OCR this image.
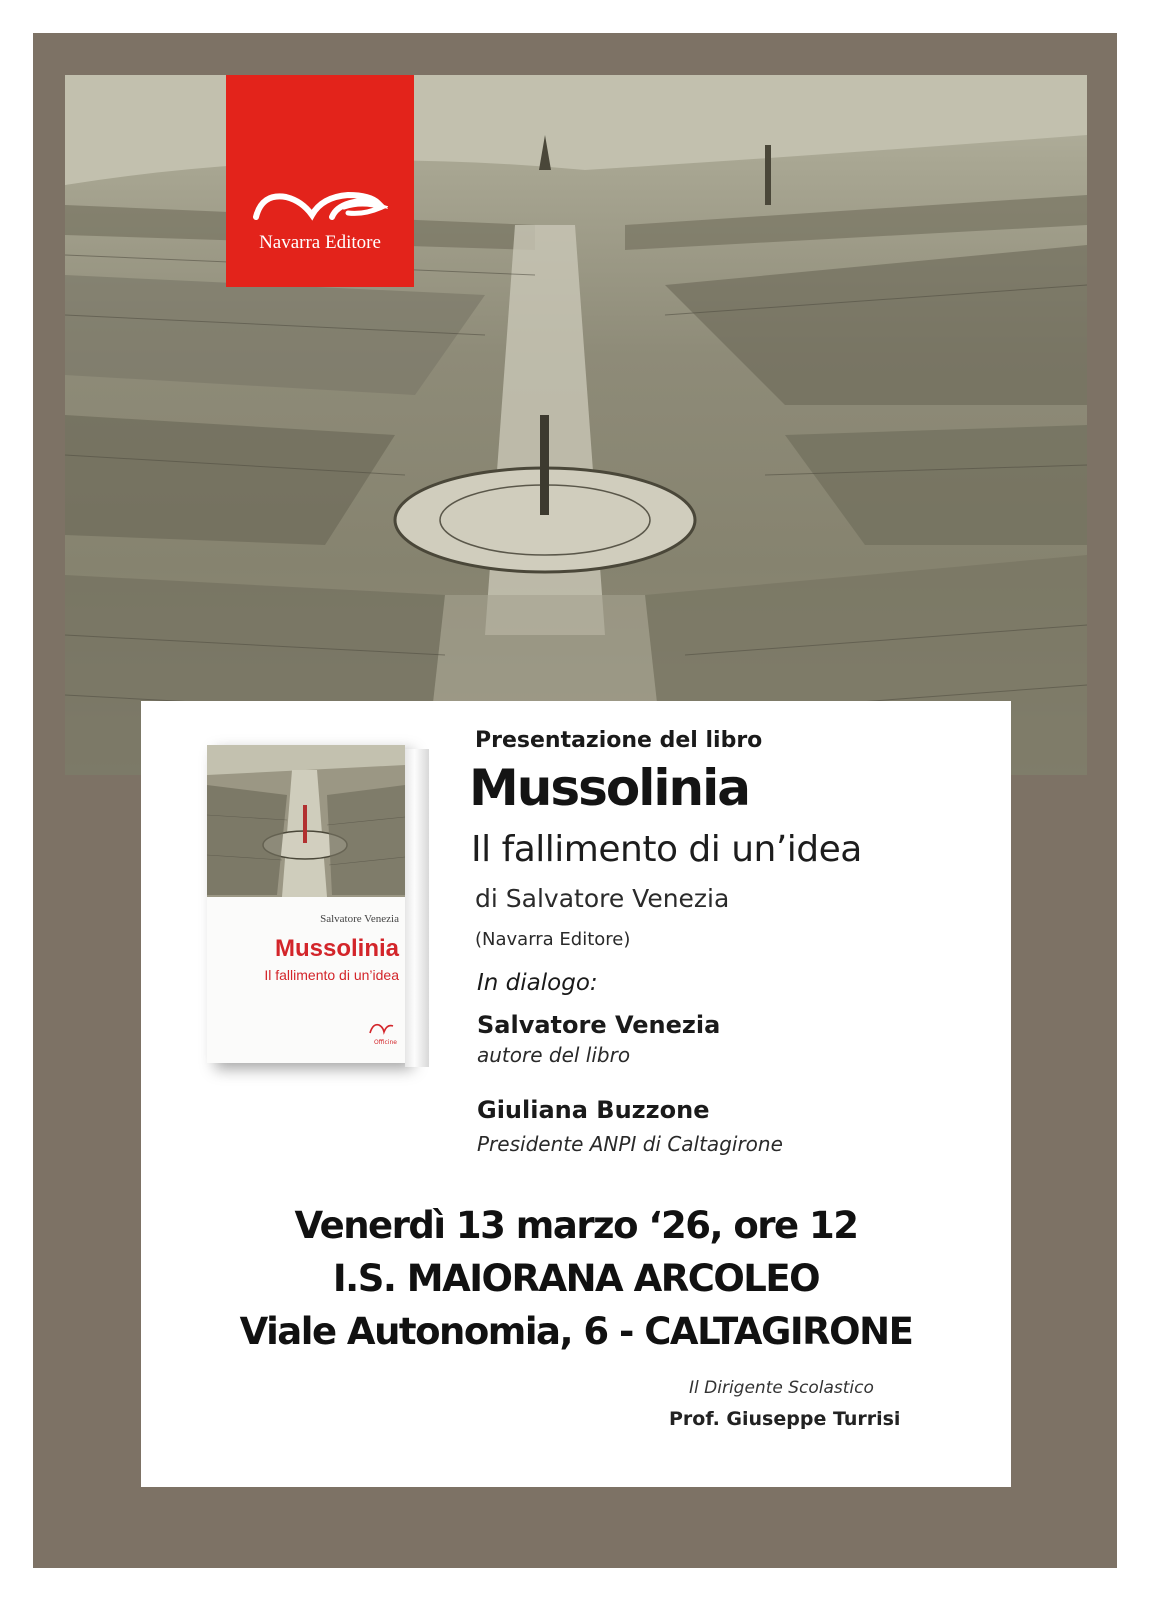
Navarra Editore
Salvatore Venezia
Mussolinia
Il fallimento di un’idea
Officine
Presentazione del libro
Mussolinia
Il fallimento di un’idea
di Salvatore Venezia
(Navarra Editore)
In dialogo:
Salvatore Venezia
autore del libro
Giuliana Buzzone
Presidente ANPI di Caltagirone
Venerdì 13 marzo ‘26, ore 12
I.S. MAIORANA ARCOLEO
Viale Autonomia, 6 - CALTAGIRONE
Il Dirigente Scolastico
Prof. Giuseppe Turrisi
